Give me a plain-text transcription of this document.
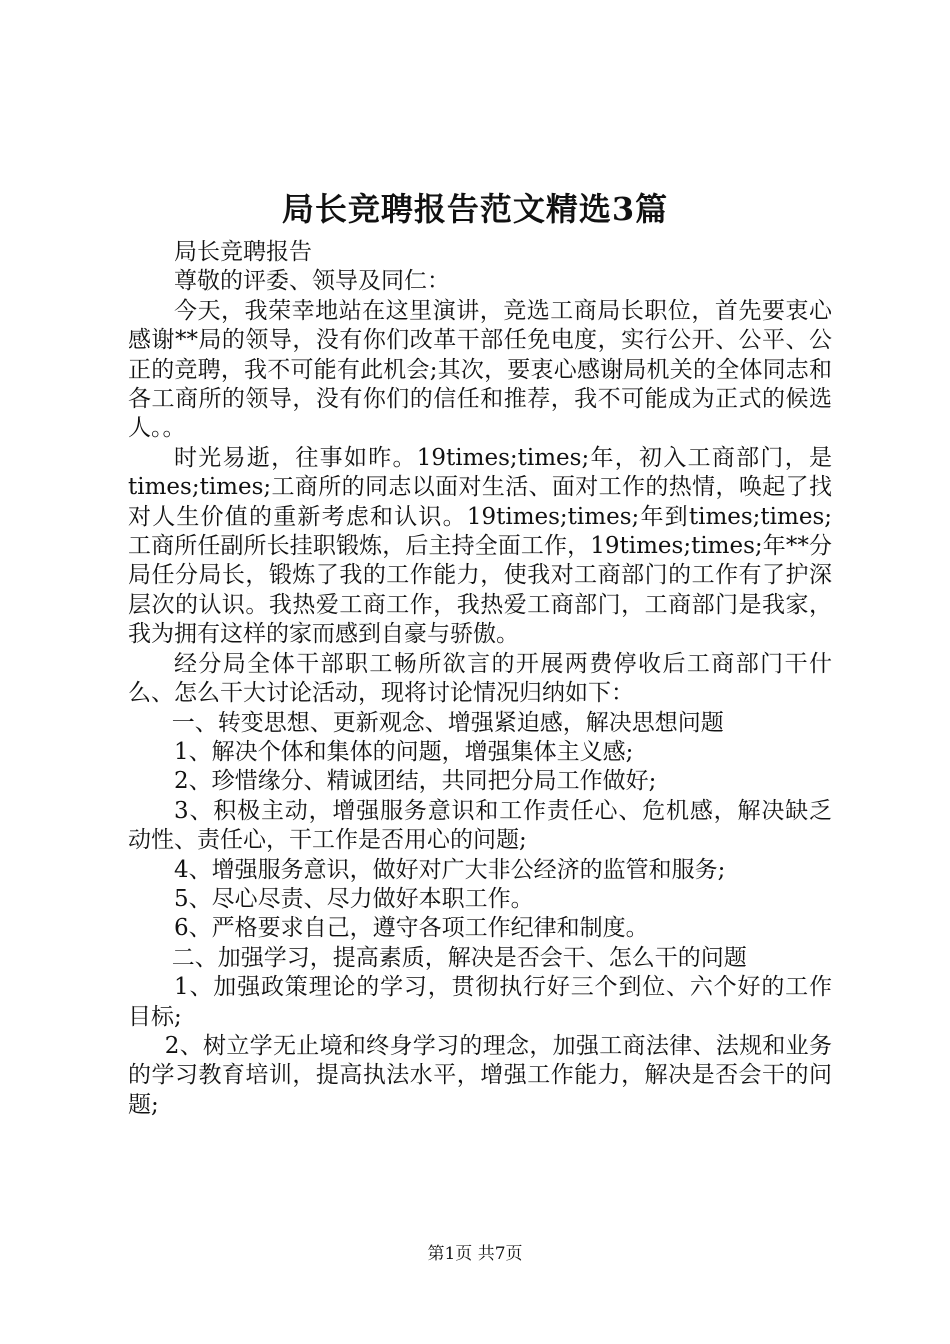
局长竞聘报告范文精选3篇

局长竞聘报告

尊敬的评委、领导及同仁：

今天，我荣幸地站在这里演讲，竞选工商局长职位，首先要衷心感谢**局的领导，没有你们改革干部任免电度，实行公开、公平、公正的竞聘，我不可能有此机会;其次，要衷心感谢局机关的全体同志和各工商所的领导，没有你们的信任和推荐，我不可能成为正式的候选人。。

时光易逝，往事如昨。19times;times;年，初入工商部门，是times;times;工商所的同志以面对生活、面对工作的热情，唤起了找对人生价值的重新考虑和认识。19times;times;年到times;times;工商所任副所长挂职锻炼，后主持全面工作，19times;times;年**分局任分局长，锻炼了我的工作能力，使我对工商部门的工作有了护深层次的认识。我热爱工商工作，我热爱工商部门，工商部门是我家，我为拥有这样的家而感到自豪与骄傲。

经分局全体干部职工畅所欲言的开展两费停收后工商部门干什么、怎么干大讨论活动，现将讨论情况归纳如下：

一、转变思想、更新观念、增强紧迫感，解决思想问题

1、解决个体和集体的问题，增强集体主义感;

2、珍惜缘分、精诚团结，共同把分局工作做好;

3、积极主动，增强服务意识和工作责任心、危机感，解决缺乏动性、责任心，干工作是否用心的问题;

4、增强服务意识，做好对广大非公经济的监管和服务;

5、尽心尽责、尽力做好本职工作。

6、严格要求自己，遵守各项工作纪律和制度。

二、加强学习，提高素质，解决是否会干、怎么干的问题

1、加强政策理论的学习，贯彻执行好三个到位、六个好的工作目标;

2、树立学无止境和终身学习的理念，加强工商法律、法规和业务的学习教育培训，提高执法水平，增强工作能力，解决是否会干的问题;

第1页 共7页
